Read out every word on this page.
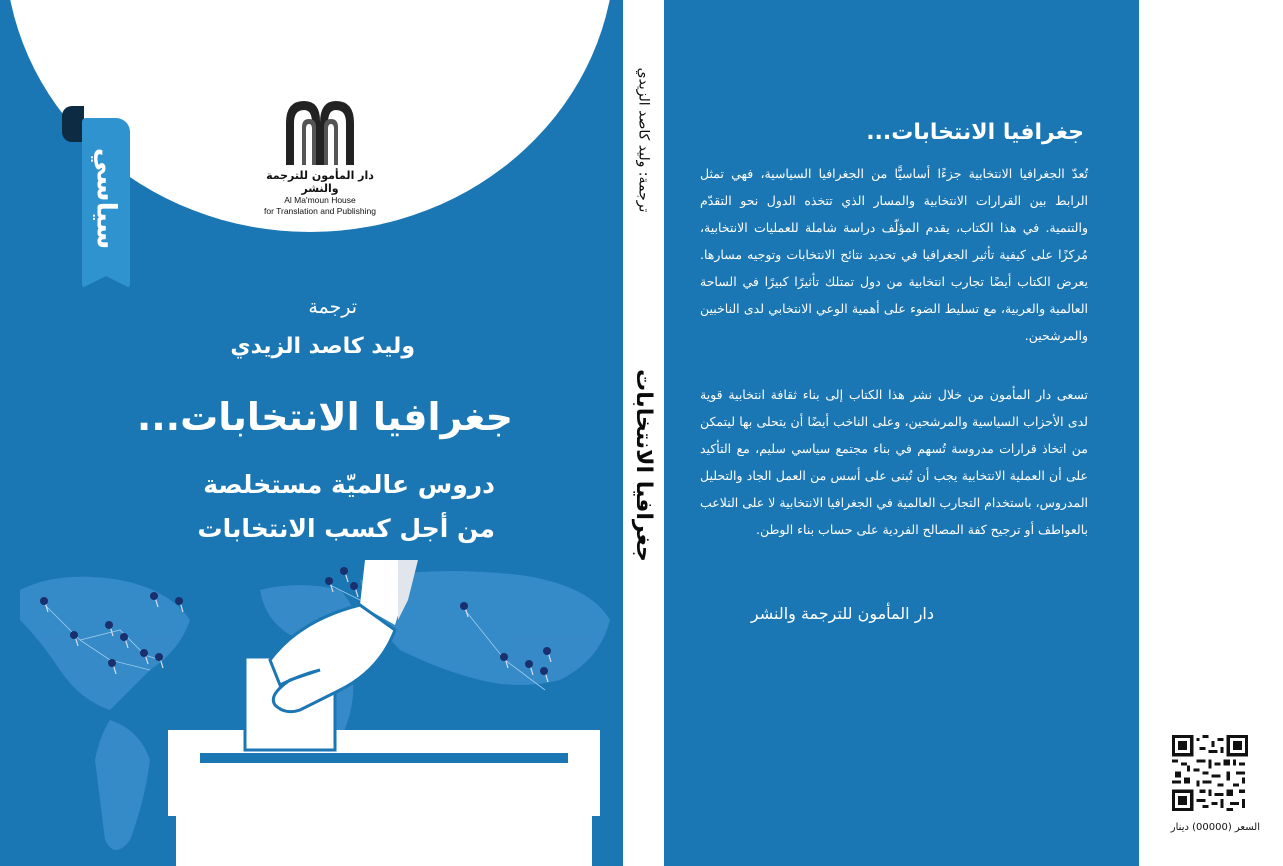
دار المأمون للترجمة والنشر
Al Ma'moun House
for Translation and Publishing
سياسي
ترجمة
وليد كاصد الزيدي
جغرافيا الانتخابات...
دروس عالميّة مستخلصة
من أجل كسب الانتخابات
ترجمة: وليد كاصد الزيدي
جغرافيا الانتخابات
جغرافيا الانتخابات...

تُعدّ الجغرافيا الانتخابية جزءًا أساسيًّا من الجغرافيا السياسية، فهي تمثل الرابط بين القرارات الانتخابية والمسار الذي تتخذه الدول نحو التقدّم والتنمية. في هذا الكتاب، يقدم المؤلّف دراسة شاملة للعمليات الانتخابية، مُركزًا على كيفية تأثير الجغرافيا في تحديد نتائج الانتخابات وتوجيه مسارها. يعرض الكتاب أيضًا تجارب انتخابية من دول تمتلك تأثيرًا كبيرًا في الساحة العالمية والعربية، مع تسليط الضوء على أهمية الوعي الانتخابي لدى الناخبين والمرشحين.

تسعى دار المأمون من خلال نشر هذا الكتاب إلى بناء ثقافة انتخابية قوية لدى الأحزاب السياسية والمرشحين، وعلى الناخب أيضًا أن يتحلى بها ليتمكن من اتخاذ قرارات مدروسة تُسهم في بناء مجتمع سياسي سليم، مع التأكيد على أن العملية الانتخابية يجب أن تُبنى على أسس من العمل الجاد والتحليل المدروس، باستخدام التجارب العالمية في الجغرافيا الانتخابية لا على التلاعب بالعواطف أو ترجيح كفة المصالح الفردية على حساب بناء الوطن.

دار المأمون للترجمة والنشر
السعر (00000) دينار
